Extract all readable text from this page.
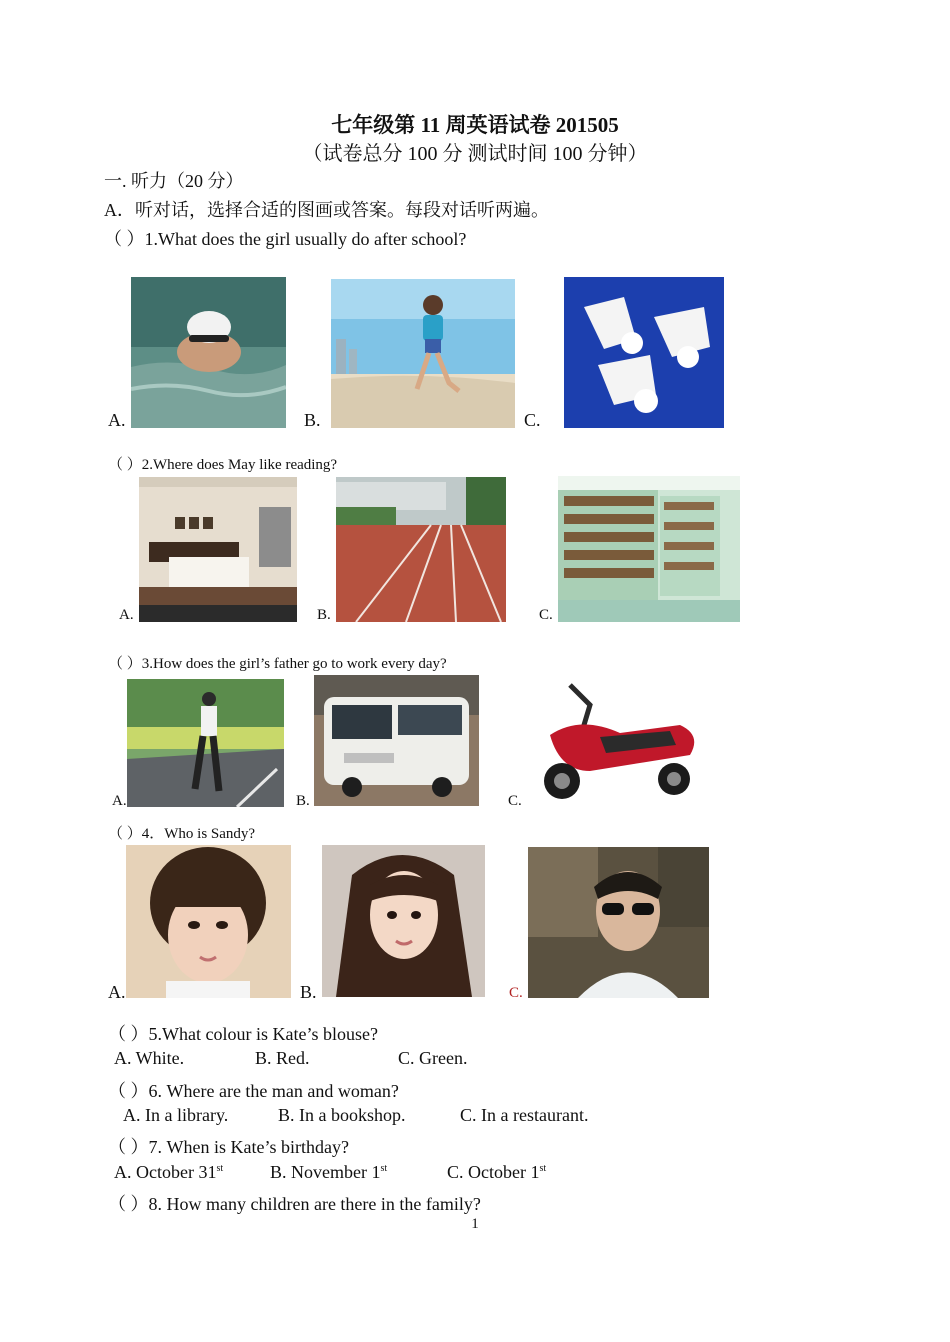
七年级第 11 周英语试卷 201505
（试卷总分 100 分 测试时间 100 分钟）
一. 听力（20 分）
A．听对话，选择合适的图画或答案。每段对话听两遍。
（ ）1.What does the girl usually do after school?
A.	B.	C.
（ ）2.Where does May like reading?
A.	B.	C.
（ ）3.How does the girl’s father go to work every day?
A.	B.	C.
（ ）4．Who is Sandy?
A.	B.	C.
（ ）5.What colour is Kate’s blouse?
A. White.	B. Red.	C. Green.
（ ）6. Where are the man and woman?
A. In a library.	B. In a bookshop.	C. In a restaurant.
（ ）7. When is Kate’s birthday?
A. October 31st	B. November 1st	C. October 1st
（ ）8. How many children are there in the family?
1
